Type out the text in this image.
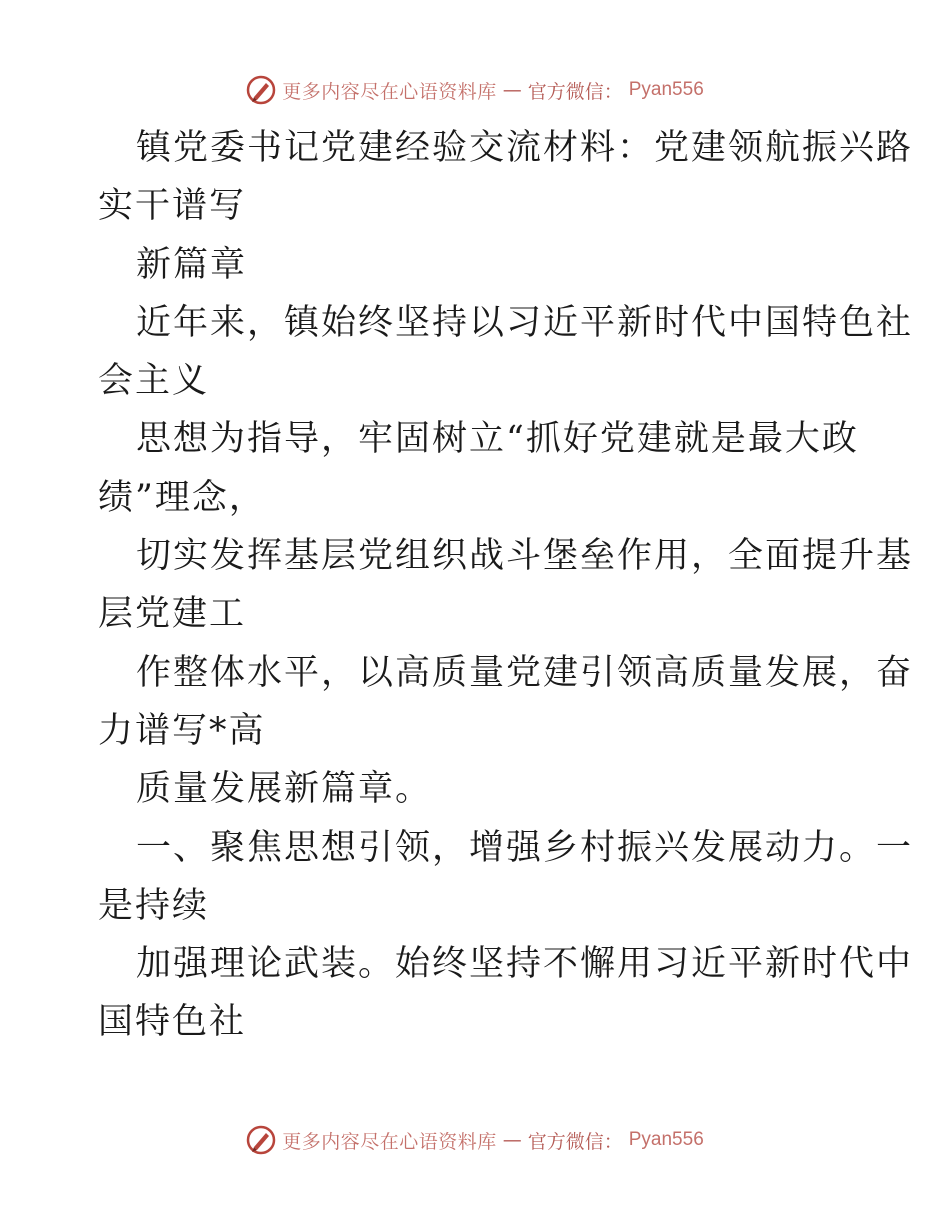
更多内容尽在心语资料库 — 官方微信： Pyan556
镇党委书记党建经验交流材料：党建领航振兴路
实干谱写
新篇章
近年来，镇始终坚持以习近平新时代中国特色社
会主义
思想为指导，牢固树立“抓好党建就是最大政
绩”理念，
切实发挥基层党组织战斗堡垒作用，全面提升基
层党建工
作整体水平，以高质量党建引领高质量发展，奋
力谱写*高
质量发展新篇章。
一、聚焦思想引领，增强乡村振兴发展动力。一
是持续
加强理论武装。始终坚持不懈用习近平新时代中
国特色社
更多内容尽在心语资料库 — 官方微信： Pyan556
